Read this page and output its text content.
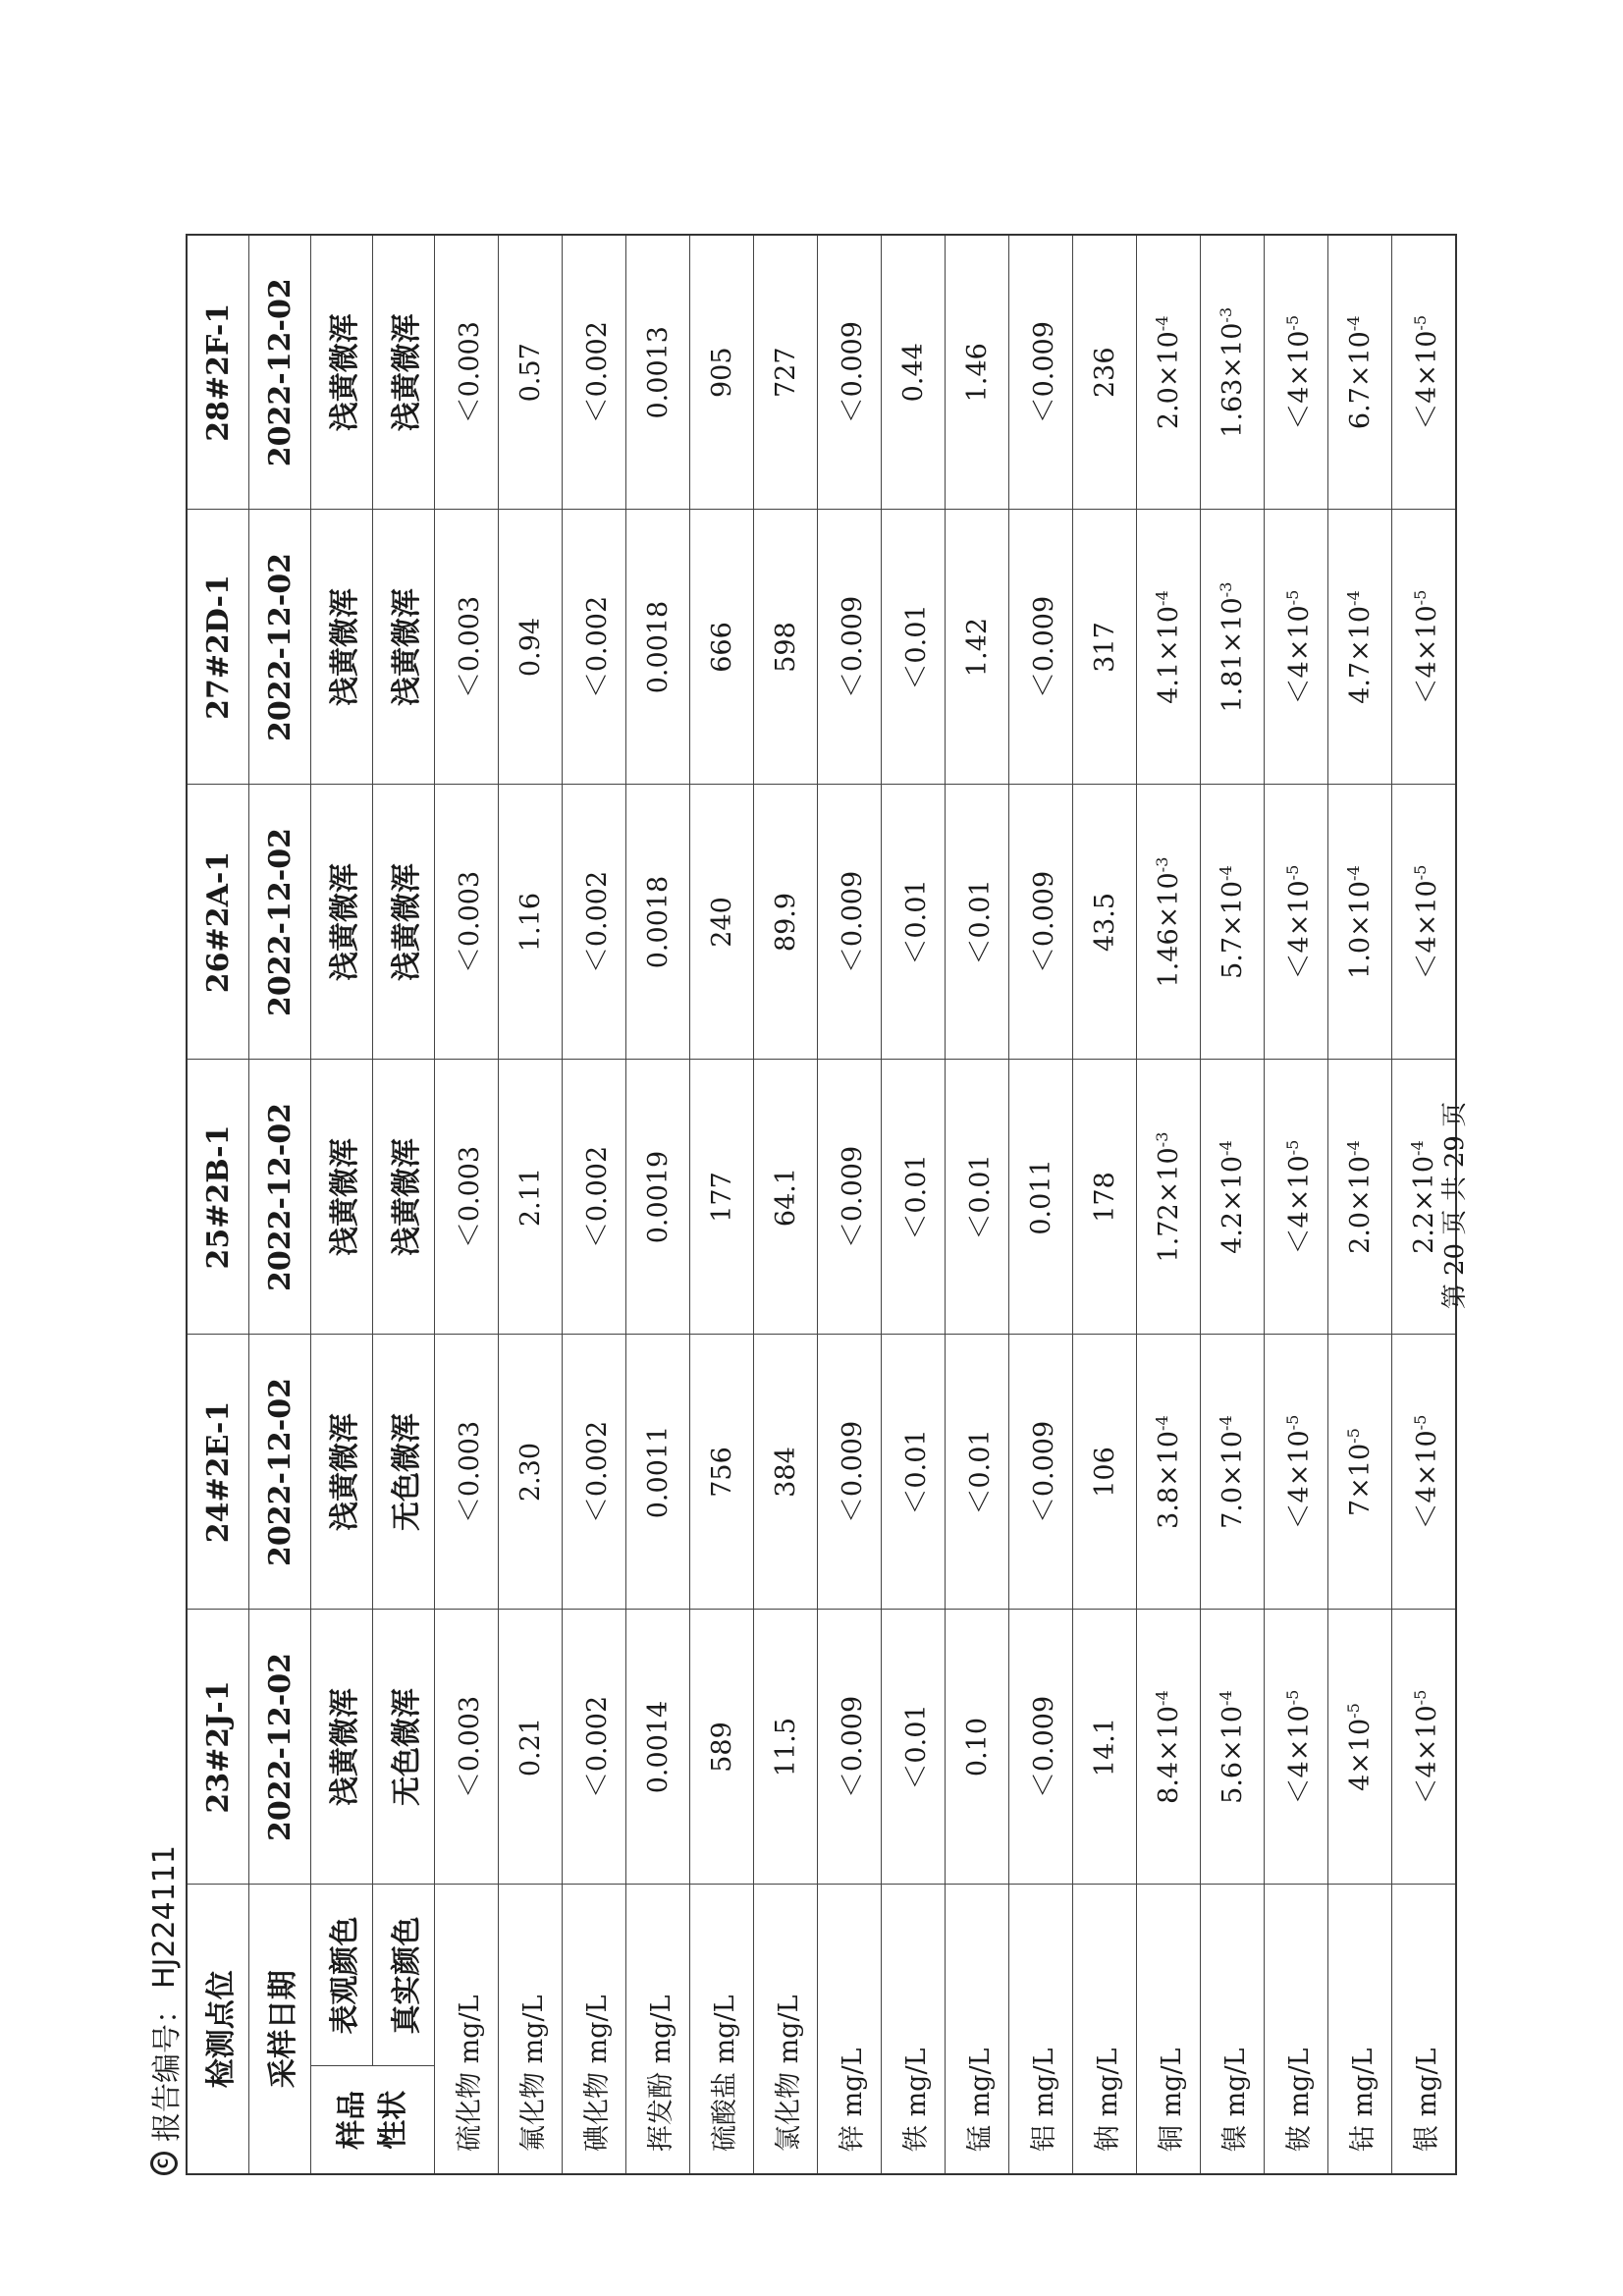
C
报告编号：
HJ224111
检测点位		23#2J-1	24#2E-1	25#2B-1	26#2A-1	27#2D-1	28#2F-1
采样日期		2022-12-02	2022-12-02	2022-12-02	2022-12-02	2022-12-02	2022-12-02

样品 性状	表观颜色	浅黄微浑	浅黄微浑	浅黄微浑	浅黄微浑	浅黄微浑	浅黄微浑
	真实颜色	无色微浑	无色微浑	浅黄微浑	浅黄微浑	浅黄微浑	浅黄微浑
硫化物 mg/L		＜0.003	＜0.003	＜0.003	＜0.003	＜0.003	＜0.003
氟化物 mg/L		0.21	2.30	2.11	1.16	0.94	0.57
碘化物 mg/L		＜0.002	＜0.002	＜0.002	＜0.002	＜0.002	＜0.002
挥发酚 mg/L		0.0014	0.0011	0.0019	0.0018	0.0018	0.0013
硫酸盐 mg/L		589	756	177	240	666	905
氯化物 mg/L		11.5	384	64.1	89.9	598	727
锌 mg/L		＜0.009	＜0.009	＜0.009	＜0.009	＜0.009	＜0.009
铁 mg/L		＜0.01	＜0.01	＜0.01	＜0.01	＜0.01	0.44
锰 mg/L		0.10	＜0.01	＜0.01	＜0.01	1.42	1.46
铝 mg/L		＜0.009	＜0.009	0.011	＜0.009	＜0.009	＜0.009
钠 mg/L		14.1	106	178	43.5	317	236
铜 mg/L		$8.4\times 10^{-4}$	$3.8\times 10^{-4}$	$1.72\times 10^{-3}$	$1.46\times 10^{-3}$	$4.1\times 10^{-4}$	$2.0\times 10^{-4}$
镍 mg/L		$5.6\times 10^{-4}$	$7.0\times 10^{-4}$	$4.2\times 10^{-4}$	$5.7\times 10^{-4}$	$1.81\times 10^{-3}$	$1.63\times 10^{-3}$
铍 mg/L		$<4\times 10^{-5}$	$<4\times 10^{-5}$	$<4\times 10^{-5}$	$<4\times 10^{-5}$	$<4\times 10^{-5}$	$<4\times 10^{-5}$
钴 mg/L		$4\times 10^{-5}$	$7\times 10^{-5}$	$2.0\times 10^{-4}$	$1.0\times 10^{-4}$	$4.7\times 10^{-4}$	$6.7\times 10^{-4}$
银 mg/L		$<4\times 10^{-5}$	$<4\times 10^{-5}$	$2.2\times 10^{-4}$	$<4\times 10^{-5}$	$<4\times 10^{-5}$	$<4\times 10^{-5}$
第 20 页 共 29 页
